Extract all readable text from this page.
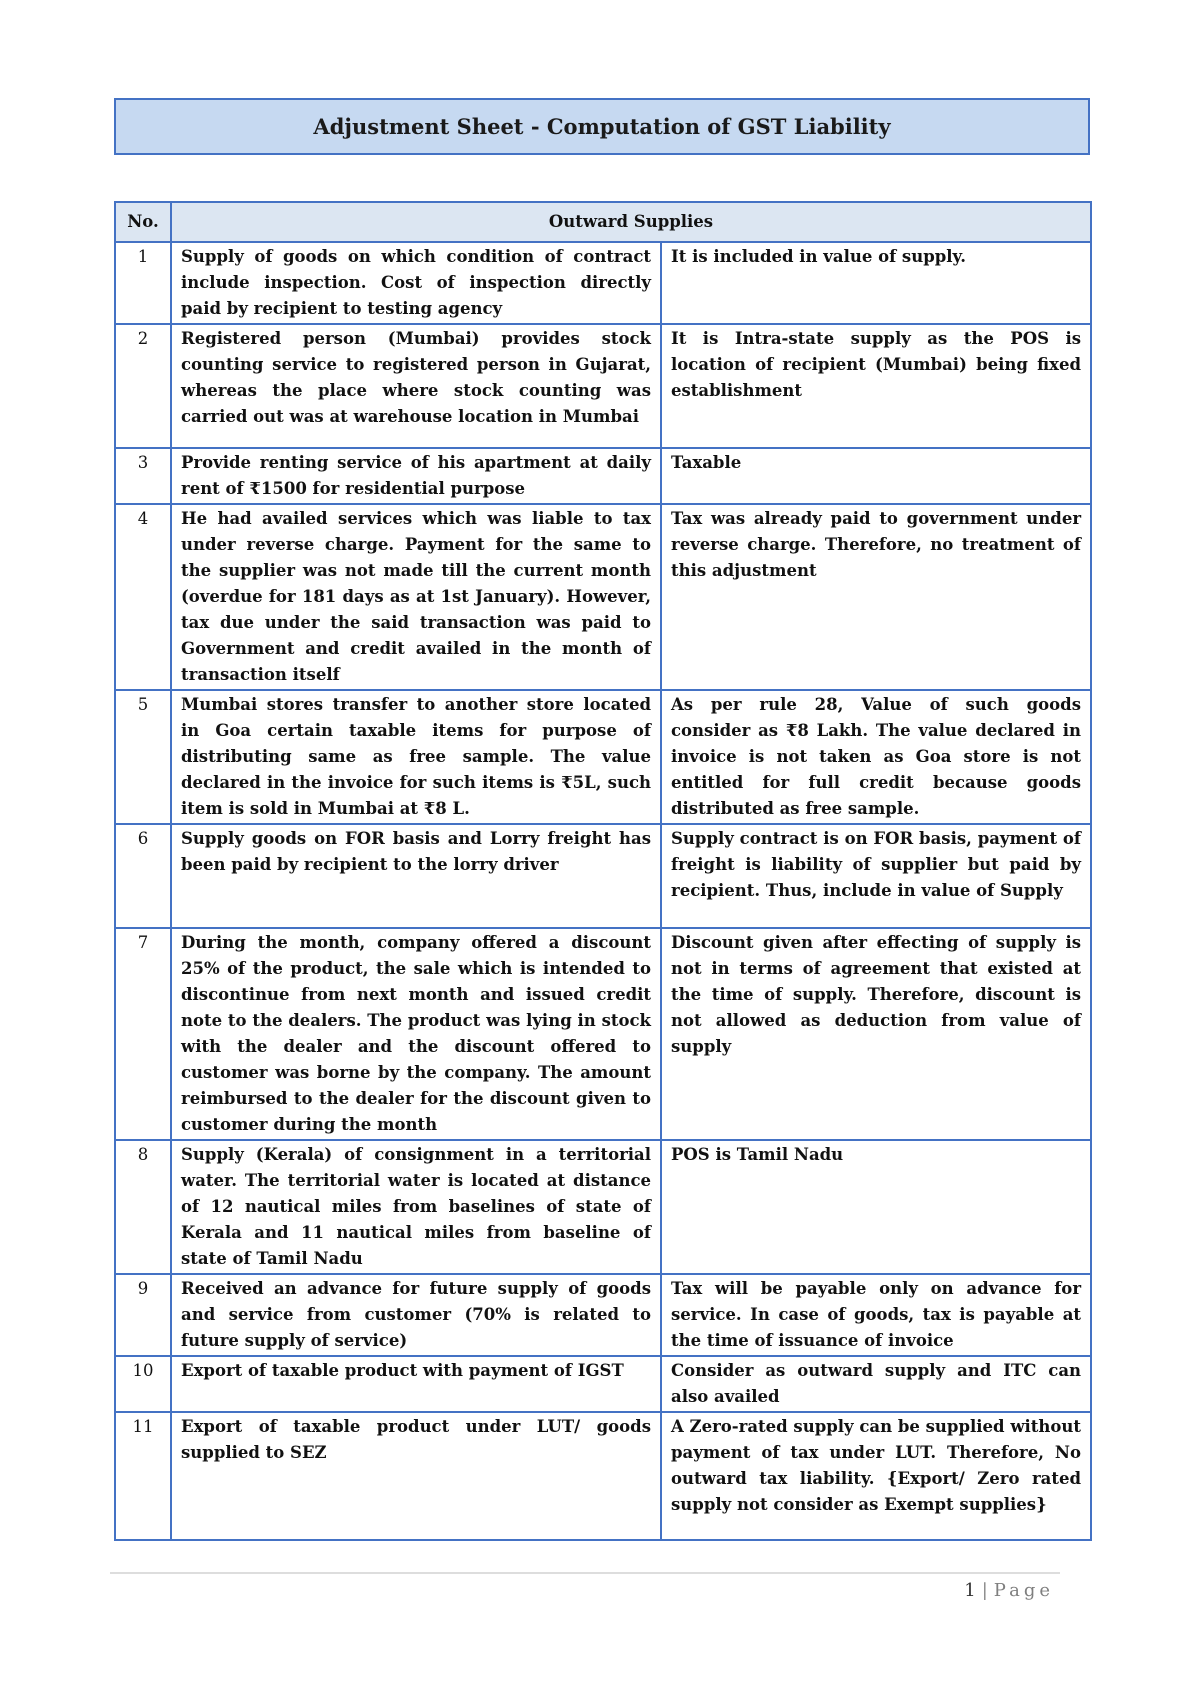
Adjustment Sheet - Computation of GST Liability
No.	Outward Supplies	
1	Supply of goods on which condition of contract include inspection. Cost of inspection directly paid by recipient to testing agency	It is included in value of supply.
2	Registered person (Mumbai) provides stock counting service to registered person in Gujarat, whereas the place where stock counting was carried out was at warehouse location in Mumbai	It is Intra-state supply as the POS is location of recipient (Mumbai) being fixed establishment
3	Provide renting service of his apartment at daily rent of ₹1500 for residential purpose	Taxable
4	He had availed services which was liable to tax under reverse charge. Payment for the same to the supplier was not made till the current month (overdue for 181 days as at 1st January). However, tax due under the said transaction was paid to Government and credit availed in the month of transaction itself	Tax was already paid to government under reverse charge. Therefore, no treatment of this adjustment
5	Mumbai stores transfer to another store located in Goa certain taxable items for purpose of distributing same as free sample. The value declared in the invoice for such items is ₹5L, such item is sold in Mumbai at ₹8 L.	As per rule 28, Value of such goods consider as ₹8 Lakh. The value declared in invoice is not taken as Goa store is not entitled for full credit because goods distributed as free sample.
6	Supply goods on FOR basis and Lorry freight has been paid by recipient to the lorry driver	Supply contract is on FOR basis, payment of freight is liability of supplier but paid by recipient. Thus, include in value of Supply
7	During the month, company offered a discount 25% of the product, the sale which is intended to discontinue from next month and issued credit note to the dealers. The product was lying in stock with the dealer and the discount offered to customer was borne by the company. The amount reimbursed to the dealer for the discount given to customer during the month	Discount given after effecting of supply is not in terms of agreement that existed at the time of supply. Therefore, discount is not allowed as deduction from value of supply
8	Supply (Kerala) of consignment in a territorial water. The territorial water is located at distance of 12 nautical miles from baselines of state of Kerala and 11 nautical miles from baseline of state of Tamil Nadu	POS is Tamil Nadu
9	Received an advance for future supply of goods and service from customer (70% is related to future supply of service)	Tax will be payable only on advance for service. In case of goods, tax is payable at the time of issuance of invoice
10	Export of taxable product with payment of IGST	Consider as outward supply and ITC can also availed
11	Export of taxable product under LUT/ goods supplied to SEZ	A Zero-rated supply can be supplied without payment of tax under LUT. Therefore, No outward tax liability. {Export/ Zero rated supply not consider as Exempt supplies}
1 | Page
